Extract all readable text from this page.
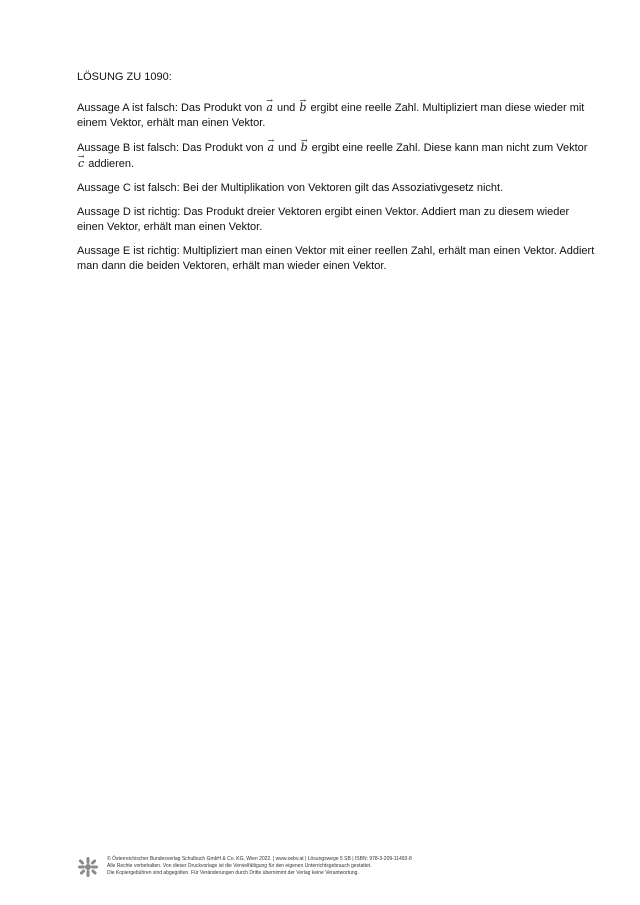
LÖSUNG ZU 1090:

Aussage A ist falsch: Das Produkt von → a und → b ergibt eine reelle Zahl. Multipliziert man diese wieder mit einem Vektor, erhält man einen Vektor.

Aussage B ist falsch: Das Produkt von → a und → b ergibt eine reelle Zahl. Diese kann man nicht zum Vektor → c addieren.

Aussage C ist falsch: Bei der Multiplikation von Vektoren gilt das Assoziativgesetz nicht.

Aussage D ist richtig: Das Produkt dreier Vektoren ergibt einen Vektor. Addiert man zu diesem wieder einen Vektor, erhält man einen Vektor.

Aussage E ist richtig: Multipliziert man einen Vektor mit einer reellen Zahl, erhält man einen Vektor. Addiert man dann die beiden Vektoren, erhält man wieder einen Vektor.

© Österreichischer Bundesverlag Schulbuch GmbH & Co. KG, Wien 2022. | www.oebv.at | Lösungswege 5 SB | ISBN: 978-3-209-11493-8
Alle Rechte vorbehalten. Von dieser Druckvorlage ist die Vervielfältigung für den eigenen Unterrichtsgebrauch gestattet.
Die Kopiergebühren sind abgegolten. Für Veränderungen durch Dritte übernimmt der Verlag keine Verantwortung.
